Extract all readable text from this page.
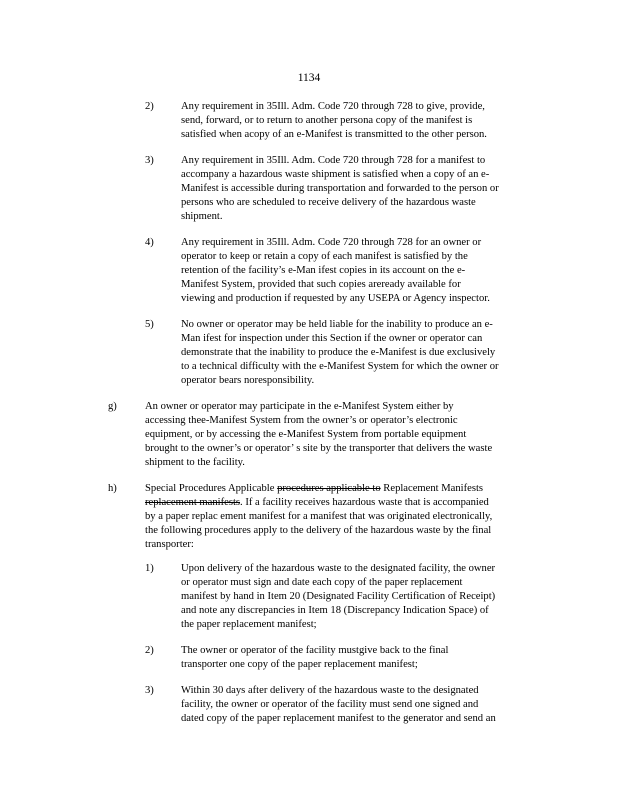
1134
2)	Any requirement in 35Ill. Adm. Code 720 through 728 to give, provide,
send, forward, or to return to another persona copy of the manifest is
satisfied when acopy of an e-Manifest is transmitted to the other person.
3)	Any requirement in 35Ill. Adm. Code 720 through 728 for a manifest to
accompany a hazardous waste shipment is satisfied when a copy of an e-
Manifest is accessible during transportation and forwarded to the person or
persons who are scheduled to receive delivery of the hazardous waste
shipment.
4)	Any requirement in 35Ill. Adm. Code 720 through 728 for an owner or
operator to keep or retain a copy of each manifest is satisfied by the
retention of the facility’s e-Man ifest copies in its account on the e-
Manifest System, provided that such copies areready available for
viewing and production if requested by any USEPA or Agency inspector.
5)	No owner or operator may be held liable for the inability to produce an e-
Man ifest for inspection under this Section if the owner or operator can
demonstrate that the inability to produce the e-Manifest is due exclusively
to a technical difficulty with the e-Manifest System for which the owner or
operator bears noresponsibility.
g)	An owner or operator may participate in the e-Manifest System either by
accessing thee-Manifest System from the owner’s or operator’s electronic
equipment, or by accessing the e-Manifest System from portable equipment
brought to the owner’s or operator’ s site by the transporter that delivers the waste
shipment to the facility.
h)	Special Procedures Applicable procedures applicable to Replacement Manifests
replacement manifests. If a facility receives hazardous waste that is accompanied
by a paper replac ement manifest for a manifest that was originated electronically,
the following procedures apply to the delivery of the hazardous waste by the final
transporter:
1)	Upon delivery of the hazardous waste to the designated facility, the owner
or operator must sign and date each copy of the paper replacement
manifest by hand in Item 20 (Designated Facility Certification of Receipt)
and note any discrepancies in Item 18 (Discrepancy Indication Space) of
the paper replacement manifest;
2)	The owner or operator of the facility mustgive back to the final
transporter one copy of the paper replacement manifest;
3)	Within 30 days after delivery of the hazardous waste to the designated
facility, the owner or operator of the facility must send one signed and
dated copy of the paper replacement manifest to the generator and send an
